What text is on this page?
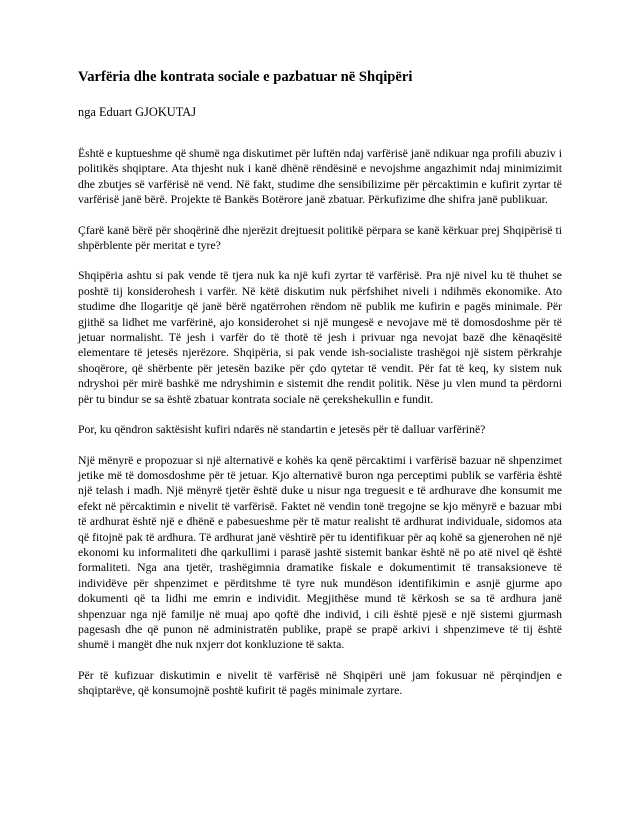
Varfëria dhe kontrata sociale e pazbatuar në Shqipëri

nga Eduart GJOKUTAJ

Është e kuptueshme që shumë nga diskutimet për luftën ndaj varfërisë janë ndikuar nga profili abuziv i politikës shqiptare. Ata thjesht nuk i kanë dhënë rëndësinë e nevojshme angazhimit ndaj minimizimit dhe zbutjes së varfërisë në vend. Në fakt, studime dhe sensibilizime për përcaktimin e kufirit zyrtar të varfërisë janë bërë. Projekte të Bankës Botërore janë zbatuar. Përkufizime dhe shifra janë publikuar.

Çfarë kanë bërë për shoqërinë dhe njerëzit drejtuesit politikë përpara se kanë kërkuar prej Shqipërisë ti shpërblente për meritat e tyre?

Shqipëria ashtu si pak vende të tjera nuk ka një kufi zyrtar të varfërisë. Pra një nivel ku të thuhet se poshtë tij konsiderohesh i varfër. Në këtë diskutim nuk përfshihet niveli i ndihmës ekonomike. Ato studime dhe llogaritje që janë bërë ngatërrohen rëndom në publik me kufirin e pagës minimale. Për gjithë sa lidhet me varfërinë, ajo konsiderohet si një mungesë e nevojave më të domosdoshme për të jetuar normalisht. Të jesh i varfër do të thotë të jesh i privuar nga nevojat bazë dhe kënaqësitë elementare të jetesës njerëzore. Shqipëria, si pak vende ish-socialiste trashëgoi një sistem përkrahje shoqërore, që shërbente për jetesën bazike për çdo qytetar të vendit. Për fat të keq, ky sistem nuk ndryshoi për mirë bashkë me ndryshimin e sistemit dhe rendit politik. Nëse ju vlen mund ta përdorni për tu bindur se sa është zbatuar kontrata sociale në çerekshekullin e fundit.

Por, ku qëndron saktësisht kufiri ndarës në standartin e jetesës për të dalluar varfërinë?

Një mënyrë e propozuar si një alternativë e kohës ka qenë përcaktimi i varfërisë bazuar në shpenzimet jetike më të domosdoshme për të jetuar. Kjo alternativë buron nga perceptimi publik se varfëria është një telash i madh. Një mënyrë tjetër është duke u nisur nga treguesit e të ardhurave dhe konsumit me efekt në përcaktimin e nivelit të varfërisë. Faktet në vendin tonë tregojne se kjo mënyrë e bazuar mbi të ardhurat është një e dhënë e pabesueshme për të matur realisht të ardhurat individuale, sidomos ata që fitojnë pak të ardhura. Të ardhurat janë vështirë për tu identifikuar për aq kohë sa gjenerohen në një ekonomi ku informaliteti dhe qarkullimi i parasë jashtë sistemit bankar është në po atë nivel që është formaliteti. Nga ana tjetër, trashëgimnia dramatike fiskale e dokumentimit të transaksioneve të individëve për shpenzimet e përditshme të tyre nuk mundëson identifikimin e asnjë gjurme apo dokumenti që ta lidhi me emrin e individit. Megjithëse mund të kërkosh se sa të ardhura janë shpenzuar nga një familje në muaj apo qoftë dhe individ, i cili është pjesë e një sistemi gjurmash pagesash dhe që punon në administratën publike, prapë se prapë arkivi i shpenzimeve të tij është shumë i mangët dhe nuk nxjerr dot konkluzione të sakta.

Për të kufizuar diskutimin e nivelit të varfërisë në Shqipëri unë jam fokusuar në përqindjen e shqiptarëve, që konsumojnë poshtë kufirit të pagës minimale zyrtare.
